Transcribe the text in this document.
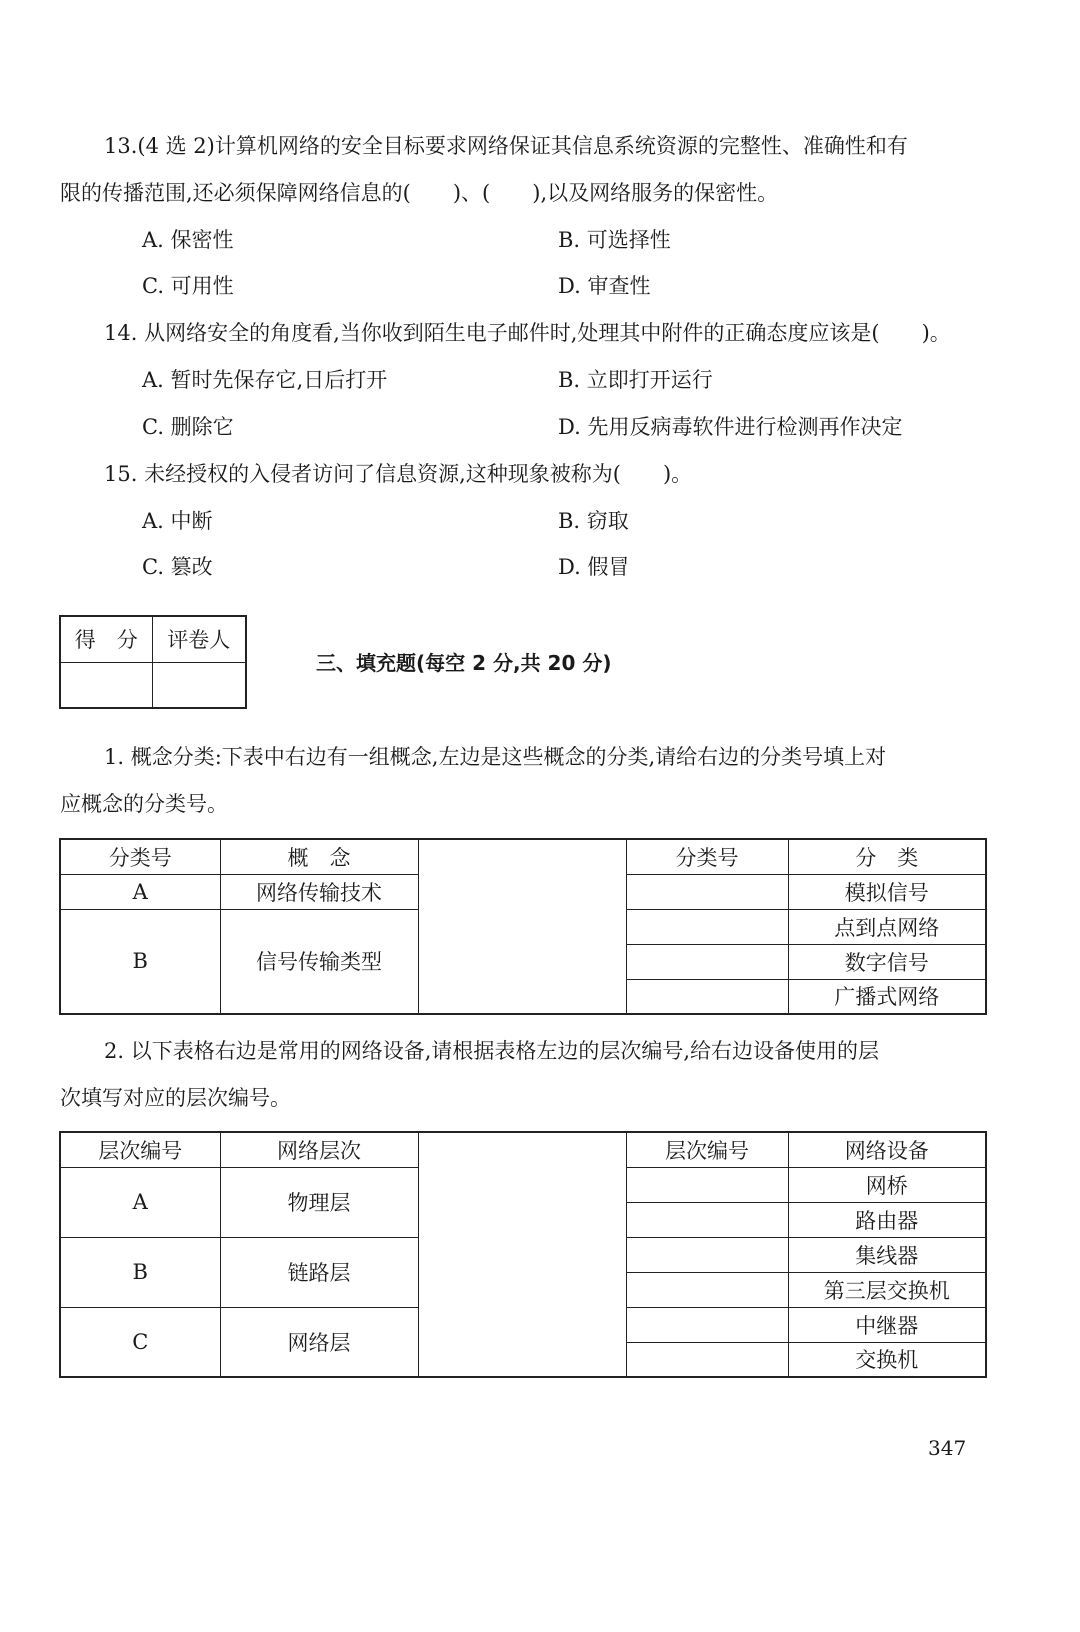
13.(4 选 2)计算机网络的安全目标要求网络保证其信息系统资源的完整性、准确性和有
限的传播范围,还必须保障网络信息的(　　)、(　　),以及网络服务的保密性。
A. 保密性	B. 可选择性
C. 可用性	D. 审查性
14. 从网络安全的角度看,当你收到陌生电子邮件时,处理其中附件的正确态度应该是(　　)。
A. 暂时先保存它,日后打开	B. 立即打开运行
C. 删除它	D. 先用反病毒软件进行检测再作决定
15. 未经授权的入侵者访问了信息资源,这种现象被称为(　　)。
A. 中断	B. 窃取
C. 篡改	D. 假冒
得　分	评卷人

三、填充题(每空 2 分,共 20 分)
1. 概念分类:下表中右边有一组概念,左边是这些概念的分类,请给右边的分类号填上对
应概念的分类号。
分类号	概　念		分类号	分　类
A	网络传输技术			模拟信号
B	信号传输类型			点到点网络
				数字信号
				广播式网络
2. 以下表格右边是常用的网络设备,请根据表格左边的层次编号,给右边设备使用的层
次填写对应的层次编号。
层次编号	网络层次		层次编号	网络设备
A	物理层			网桥
				路由器
B	链路层			集线器
				第三层交换机
C	网络层			中继器
				交换机
347
